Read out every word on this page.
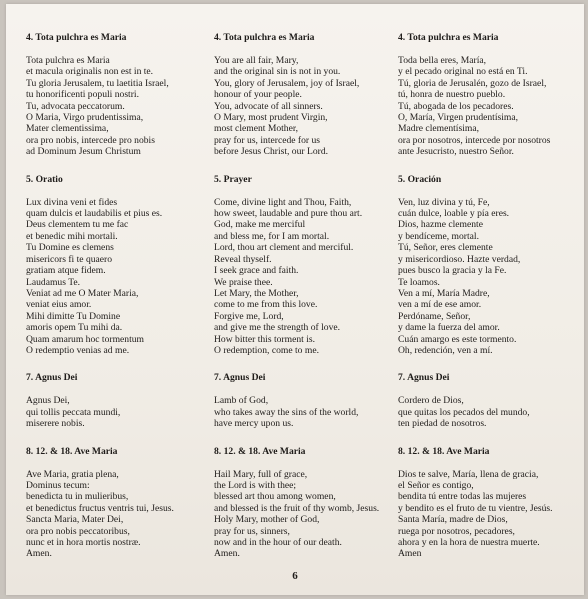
4. Tota pulchra es Maria
Tota pulchra es Maria
et macula originalis non est in te.
Tu gloria Jerusalem, tu laetitia Israel,
tu honorificenti populi nostri.
Tu, advocata peccatorum.
O Maria, Virgo prudentissima,
Mater clementissima,
ora pro nobis, intercede pro nobis
ad Dominum Jesum Christum
5. Oratio
Lux divina veni et fides
quam dulcis et laudabilis et pius es.
Deus clementem tu me fac
et benedic mihi mortali.
Tu Domine es clemens
misericors fi te quaero
gratiam atque fidem.
Laudamus Te.
Veniat ad me O Mater Maria,
veniat eius amor.
Mihi dimitte Tu Domine
amoris opem Tu mihi da.
Quam amarum hoc tormentum
O redemptio venias ad me.
7. Agnus Dei
Agnus Dei,
qui tollis peccata mundi,
miserere nobis.
8. 12. & 18. Ave Maria
Ave Maria, gratia plena,
Dominus tecum:
benedicta tu in mulieribus,
et benedictus fructus ventris tui, Jesus.
Sancta Maria, Mater Dei,
ora pro nobis peccatoribus,
nunc et in hora mortis nostræ.
Amen.
4. Tota pulchra es Maria
You are all fair, Mary,
and the original sin is not in you.
You, glory of Jerusalem, joy of Israel,
honour of your people.
You, advocate of all sinners.
O Mary, most prudent Virgin,
most clement Mother,
pray for us, intercede for us
before Jesus Christ, our Lord.
5. Prayer
Come, divine light and Thou, Faith,
how sweet, laudable and pure thou art.
God, make me merciful
and bless me, for I am mortal.
Lord, thou art clement and merciful.
Reveal thyself.
I seek grace and faith.
We praise thee.
Let Mary, the Mother,
come to me from this love.
Forgive me, Lord,
and give me the strength of love.
How bitter this torment is.
O redemption, come to me.
7. Agnus Dei
Lamb of God,
who takes away the sins of the world,
have mercy upon us.
8. 12. & 18. Ave Maria
Hail Mary, full of grace,
the Lord is with thee;
blessed art thou among women,
and blessed is the fruit of thy womb, Jesus.
Holy Mary, mother of God,
pray for us, sinners,
now and in the hour of our death.
Amen.
4. Tota pulchra es Maria
Toda bella eres, María,
y el pecado original no está en Ti.
Tú, gloria de Jerusalén, gozo de Israel,
tú, honra de nuestro pueblo.
Tú, abogada de los pecadores.
O, María, Virgen prudentísima,
Madre clementísima,
ora por nosotros, intercede por nosotros
ante Jesucristo, nuestro Señor.
5. Oración
Ven, luz divina y tú, Fe,
cuán dulce, loable y pía eres.
Dios, hazme clemente
y bendíceme, mortal.
Tú, Señor, eres clemente
y misericordioso. Hazte verdad,
pues busco la gracia y la Fe.
Te loamos.
Ven a mí, María Madre,
ven a mí de ese amor.
Perdóname, Señor,
y dame la fuerza del amor.
Cuán amargo es este tormento.
Oh, redención, ven a mí.
7. Agnus Dei
Cordero de Dios,
que quitas los pecados del mundo,
ten piedad de nosotros.
8. 12. & 18. Ave Maria
Dios te salve, María, llena de gracia,
el Señor es contigo,
bendita tú entre todas las mujeres
y bendito es el fruto de tu vientre, Jesús.
Santa María, madre de Dios,
ruega por nosotros, pecadores,
ahora y en la hora de nuestra muerte.
Amen
6
